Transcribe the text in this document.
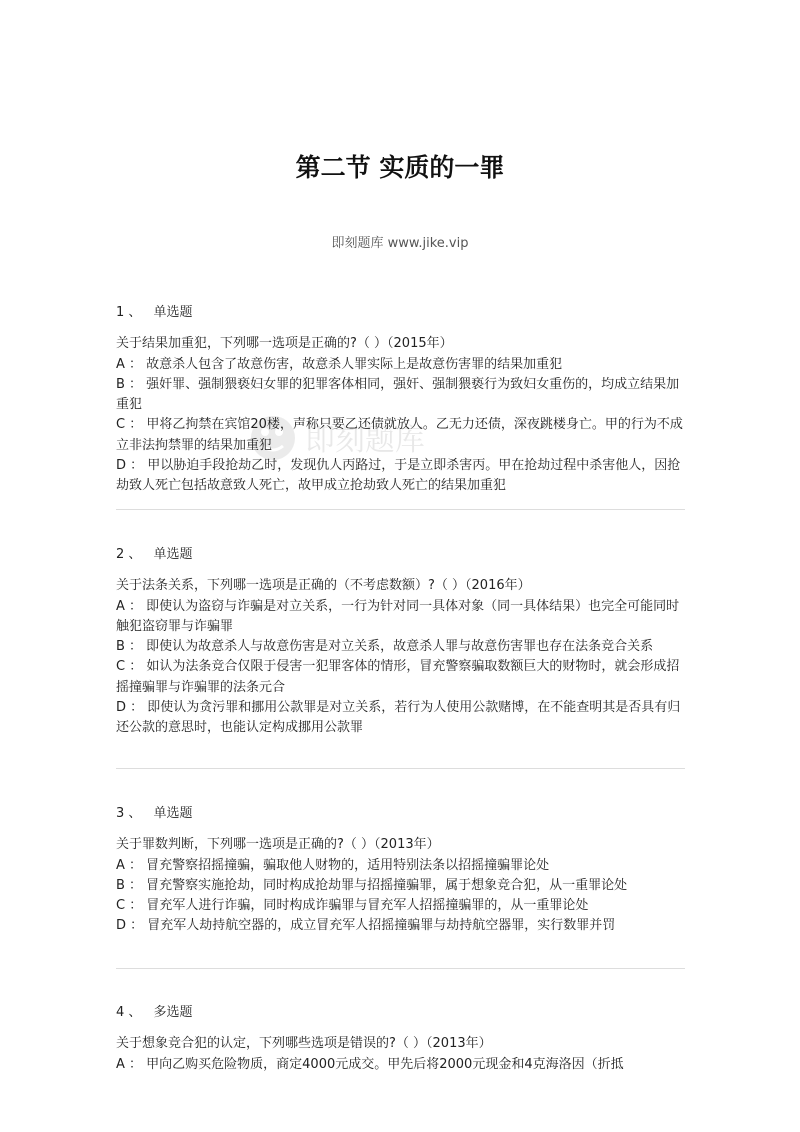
第二节 实质的一罪
即刻题库 www.jike.vip
即刻题库
1 、 单选题
关于结果加重犯，下列哪一选项是正确的?（ ）（2015年）
A ： 故意杀人包含了故意伤害，故意杀人罪实际上是故意伤害罪的结果加重犯
B ： 强奸罪、强制猥亵妇女罪的犯罪客体相同，强奸、强制猥亵行为致妇女重伤的，均成立结果加重犯
C ： 甲将乙拘禁在宾馆20楼，声称只要乙还债就放人。乙无力还债，深夜跳楼身亡。甲的行为不成立非法拘禁罪的结果加重犯
D ： 甲以胁迫手段抢劫乙时，发现仇人丙路过，于是立即杀害丙。甲在抢劫过程中杀害他人，因抢劫致人死亡包括故意致人死亡，故甲成立抢劫致人死亡的结果加重犯
2 、 单选题
关于法条关系，下列哪一选项是正确的（不考虑数额）?（ ）（2016年）
A ： 即使认为盗窃与诈骗是对立关系，一行为针对同一具体对象（同一具体结果）也完全可能同时触犯盗窃罪与诈骗罪
B ： 即使认为故意杀人与故意伤害是对立关系，故意杀人罪与故意伤害罪也存在法条竞合关系
C ： 如认为法条竞合仅限于侵害一犯罪客体的情形，冒充警察骗取数额巨大的财物时，就会形成招摇撞骗罪与诈骗罪的法条元合
D ： 即使认为贪污罪和挪用公款罪是对立关系，若行为人使用公款赌博，在不能查明其是否具有归还公款的意思时，也能认定构成挪用公款罪
3 、 单选题
关于罪数判断，下列哪一选项是正确的?（ ）（2013年）
A ： 冒充警察招摇撞骗，骗取他人财物的，适用特别法条以招摇撞骗罪论处
B ： 冒充警察实施抢劫，同时构成抢劫罪与招摇撞骗罪，属于想象竞合犯，从一重罪论处
C ： 冒充军人进行诈骗，同时构成诈骗罪与冒充军人招摇撞骗罪的，从一重罪论处
D ： 冒充军人劫持航空器的，成立冒充军人招摇撞骗罪与劫持航空器罪，实行数罪并罚
4 、 多选题
关于想象竞合犯的认定，下列哪些选项是错误的?（ ）（2013年）
A ： 甲向乙购买危险物质，商定4000元成交。甲先后将2000元现金和4克海洛因（折抵
